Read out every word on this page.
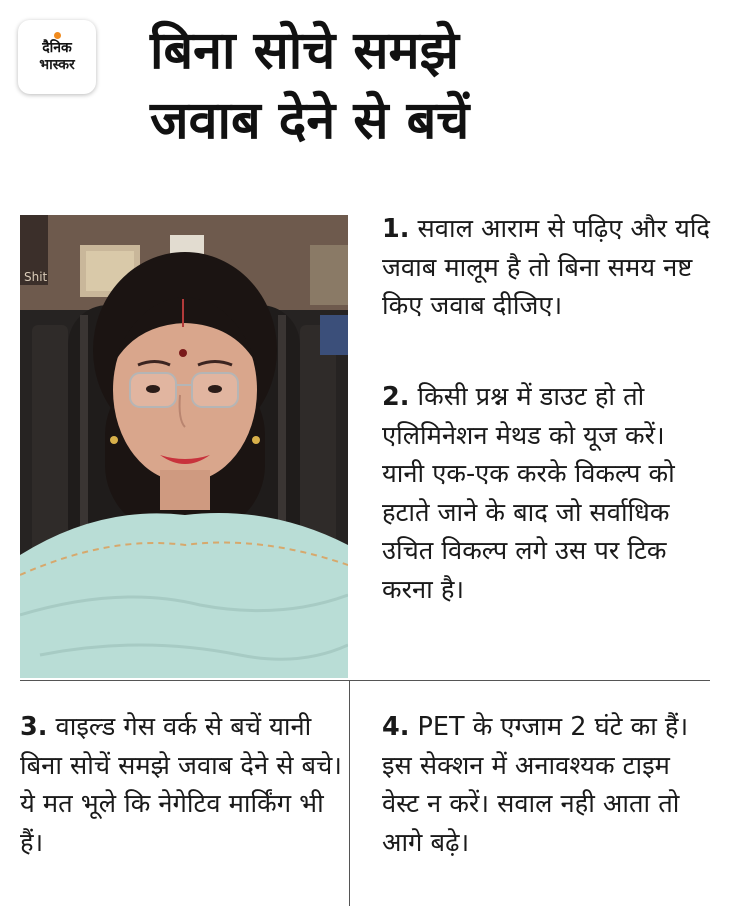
दैनिक
भास्कर बिना सोचे समझे
जवाब देने से बचें
Shit
1. सवाल आराम से पढ़िए और यदि जवाब मालूम है तो बिना समय नष्ट किए जवाब दीजिए।
2. किसी प्रश्न में डाउट हो तो एलिमिनेशन मेथड को यूज करें। यानी एक-एक करके विकल्प को हटाते जाने के बाद जो सर्वाधिक उचित विकल्प लगे उस पर टिक करना है।
3. वाइल्ड गेस वर्क से बचें यानी बिना सोचें समझे जवाब देने से बचे। ये मत भूले कि नेगेटिव मार्किंग भी हैं।
4. PET के एग्जाम 2 घंटे का हैं। इस सेक्शन में अनावश्यक टाइम वेस्ट न करें। सवाल नही आता तो आगे बढ़े।
